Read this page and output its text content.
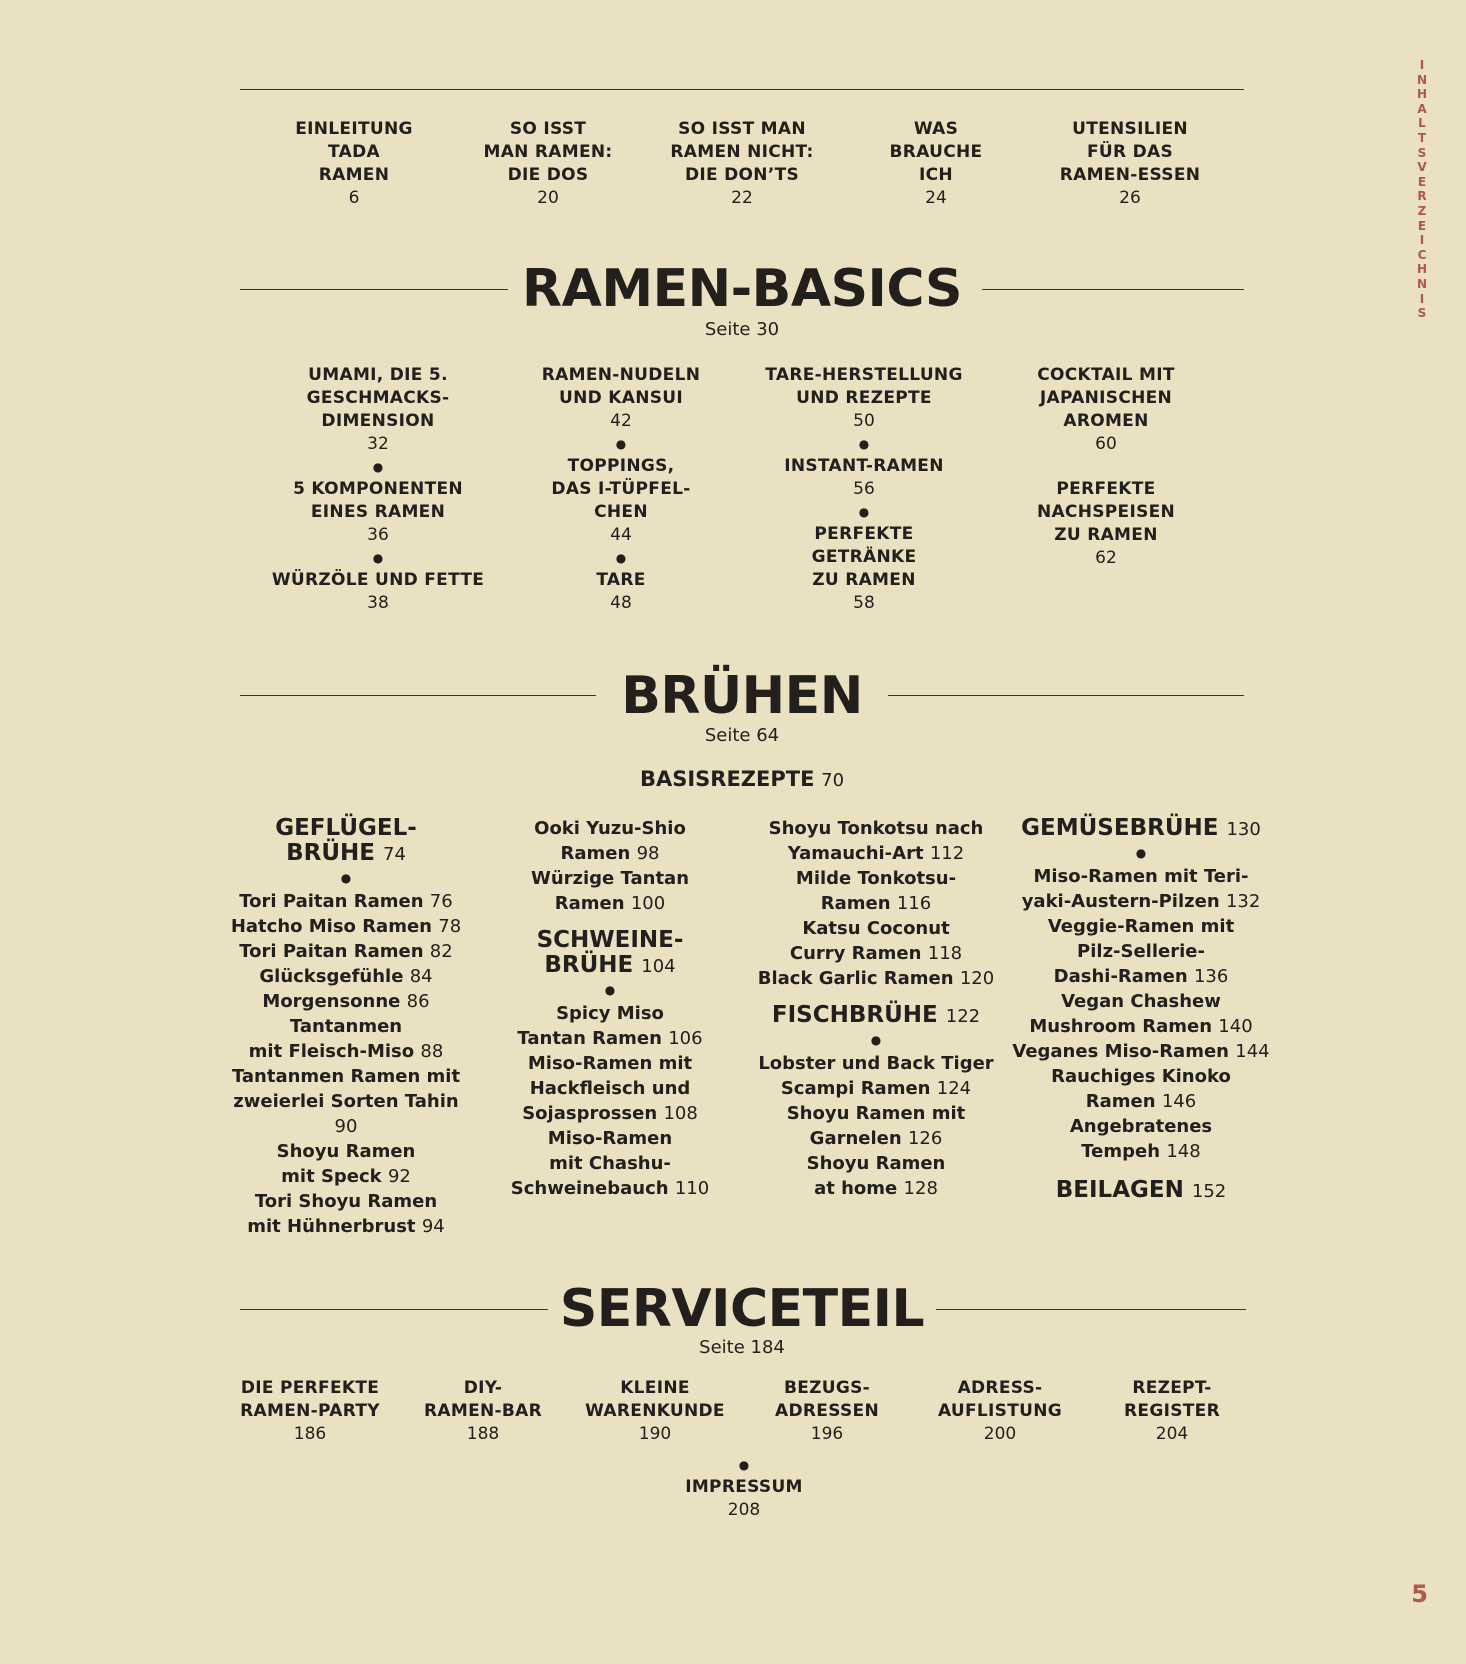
I
N
H
A
L
T
S
V
E
R
Z
E
I
C
H
N
I
S
EINLEITUNG
TADA
RAMEN
6
SO ISST
MAN RAMEN:
DIE DOS
20
SO ISST MAN
RAMEN NICHT:
DIE DON’TS
22
WAS
BRAUCHE
ICH
24
UTENSILIEN
FÜR DAS
RAMEN-ESSEN
26
RAMEN-BASICS
Seite 30
UMAMI, DIE 5.
GESCHMACKS-
DIMENSION
32
●
5 KOMPONENTEN
EINES RAMEN
36
●
WÜRZÖLE UND FETTE
38
RAMEN-NUDELN
UND KANSUI
42
●
TOPPINGS,
DAS I-TÜPFEL-
CHEN
44
●
TARE
48
TARE-HERSTELLUNG
UND REZEPTE
50
●
INSTANT-RAMEN
56
●
PERFEKTE
GETRÄNKE
ZU RAMEN
58
COCKTAIL MIT
JAPANISCHEN
AROMEN
60

PERFEKTE
NACHSPEISEN
ZU RAMEN
62
BRÜHEN
Seite 64
BASISREZEPTE 70
GEFLÜGEL-
BRÜHE 74
●
Tori Paitan Ramen 76
Hatcho Miso Ramen 78
Tori Paitan Ramen 82
Glücksgefühle 84
Morgensonne 86
Tantanmen
mit Fleisch-Miso 88
Tantanmen Ramen mit
zweierlei Sorten Tahin 90
Shoyu Ramen
mit Speck 92
Tori Shoyu Ramen
mit Hühnerbrust 94
Ooki Yuzu-Shio
Ramen 98
Würzige Tantan
Ramen 100
SCHWEINE-
BRÜHE 104
●
Spicy Miso
Tantan Ramen 106
Miso-Ramen mit
Hackfleisch und
Sojasprossen 108
Miso-Ramen
mit Chashu-
Schweinebauch 110
Shoyu Tonkotsu nach
Yamauchi-Art 112
Milde Tonkotsu-
Ramen 116
Katsu Coconut
Curry Ramen 118
Black Garlic Ramen 120
FISCHBRÜHE 122
●
Lobster und Back Tiger
Scampi Ramen 124
Shoyu Ramen mit
Garnelen 126
Shoyu Ramen
at home 128
GEMÜSEBRÜHE 130
●
Miso-Ramen mit Teri-
yaki-Austern-Pilzen 132
Veggie-Ramen mit
Pilz-Sellerie-
Dashi-Ramen 136
Vegan Chashew
Mushroom Ramen 140
Veganes Miso-Ramen 144
Rauchiges Kinoko
Ramen 146
Angebratenes
Tempeh 148
BEILAGEN 152
SERVICETEIL
Seite 184
DIE PERFEKTE
RAMEN-PARTY
186
DIY-
RAMEN-BAR
188
KLEINE
WARENKUNDE
190
BEZUGS-
ADRESSEN
196
ADRESS-
AUFLISTUNG
200
REZEPT-
REGISTER
204
●
IMPRESSUM
208
5
